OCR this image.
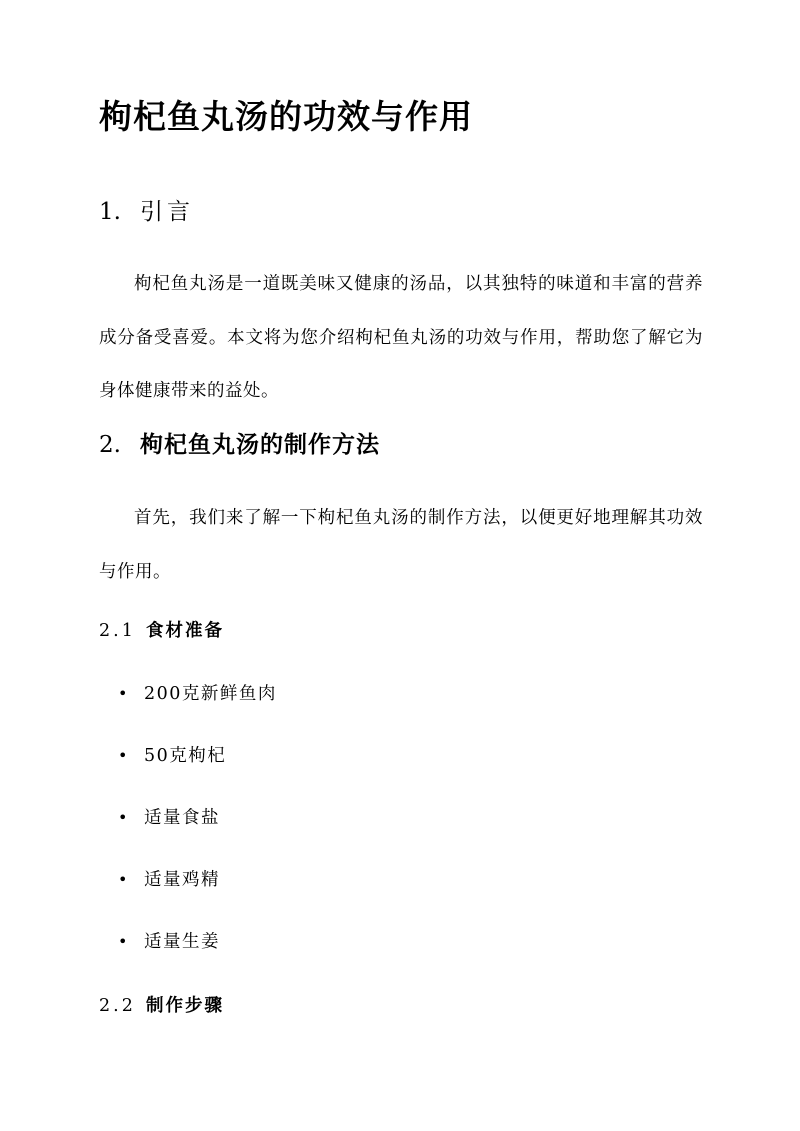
枸杞鱼丸汤的功效与作用
1. 引言

枸杞鱼丸汤是一道既美味又健康的汤品，以其独特的味道和丰富的营养成分备受喜爱。本文将为您介绍枸杞鱼丸汤的功效与作用，帮助您了解它为身体健康带来的益处。

2. 枸杞鱼丸汤的制作方法

首先，我们来了解一下枸杞鱼丸汤的制作方法，以便更好地理解其功效与作用。

2.1 食材准备
• 200克新鲜鱼肉
• 50克枸杞
• 适量食盐
• 适量鸡精
• 适量生姜
2.2 制作步骤
